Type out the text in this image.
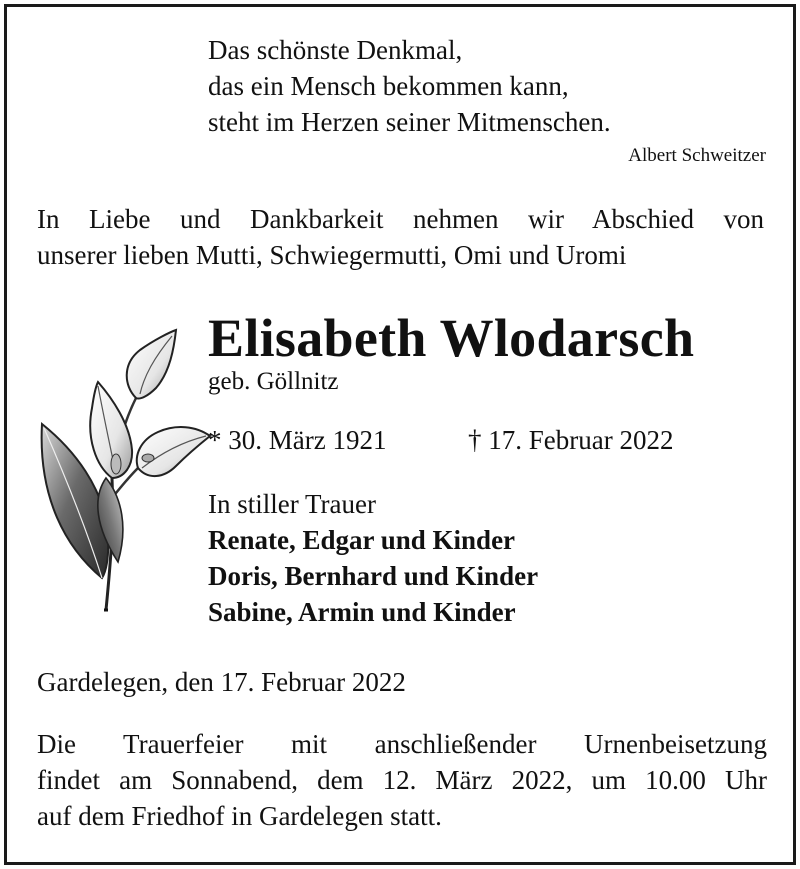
Das schönste Denkmal,
das ein Mensch bekommen kann,
steht im Herzen seiner Mitmenschen.
Albert Schweitzer
In Liebe und Dankbarkeit nehmen wir Abschied von
unserer lieben Mutti, Schwiegermutti, Omi und Uromi
Elisabeth Wlodarsch
geb. Göllnitz
* 30. März 1921	† 17. Februar 2022
In stiller Trauer
Renate, Edgar und Kinder
Doris, Bernhard und Kinder
Sabine, Armin und Kinder
Gardelegen, den 17. Februar 2022
Die Trauerfeier mit anschließender Urnenbeisetzung
findet am Sonnabend, dem 12. März 2022, um 10.00 Uhr
auf dem Friedhof in Gardelegen statt.
